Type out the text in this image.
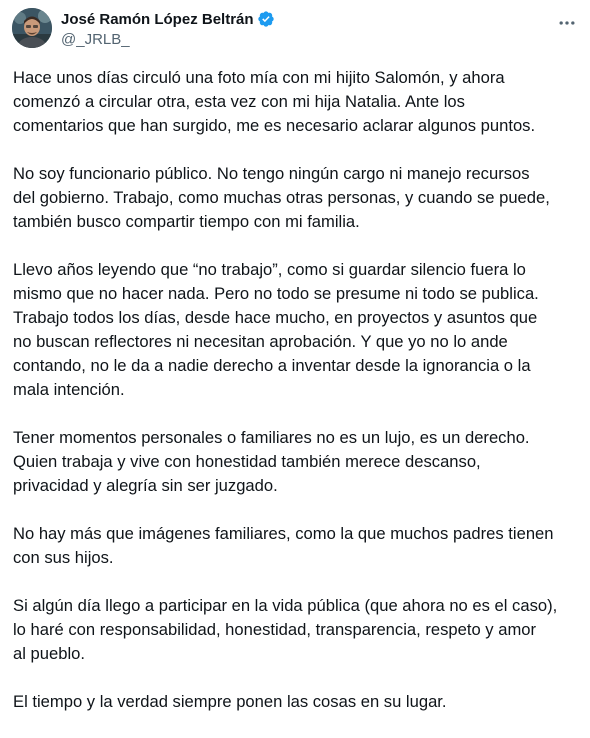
José Ramón López Beltrán
@_JRLB_

Hace unos días circuló una foto mía con mi hijito Salomón, y ahora
comenzó a circular otra, esta vez con mi hija Natalia. Ante los
comentarios que han surgido, me es necesario aclarar algunos puntos.

No soy funcionario público. No tengo ningún cargo ni manejo recursos
del gobierno. Trabajo, como muchas otras personas, y cuando se puede,
también busco compartir tiempo con mi familia.

Llevo años leyendo que “no trabajo”, como si guardar silencio fuera lo
mismo que no hacer nada. Pero no todo se presume ni todo se publica.
Trabajo todos los días, desde hace mucho, en proyectos y asuntos que
no buscan reflectores ni necesitan aprobación. Y que yo no lo ande
contando, no le da a nadie derecho a inventar desde la ignorancia o la
mala intención.

Tener momentos personales o familiares no es un lujo, es un derecho.
Quien trabaja y vive con honestidad también merece descanso,
privacidad y alegría sin ser juzgado.

No hay más que imágenes familiares, como la que muchos padres tienen
con sus hijos.

Si algún día llego a participar en la vida pública (que ahora no es el caso),
lo haré con responsabilidad, honestidad, transparencia, respeto y amor
al pueblo.

El tiempo y la verdad siempre ponen las cosas en su lugar.
